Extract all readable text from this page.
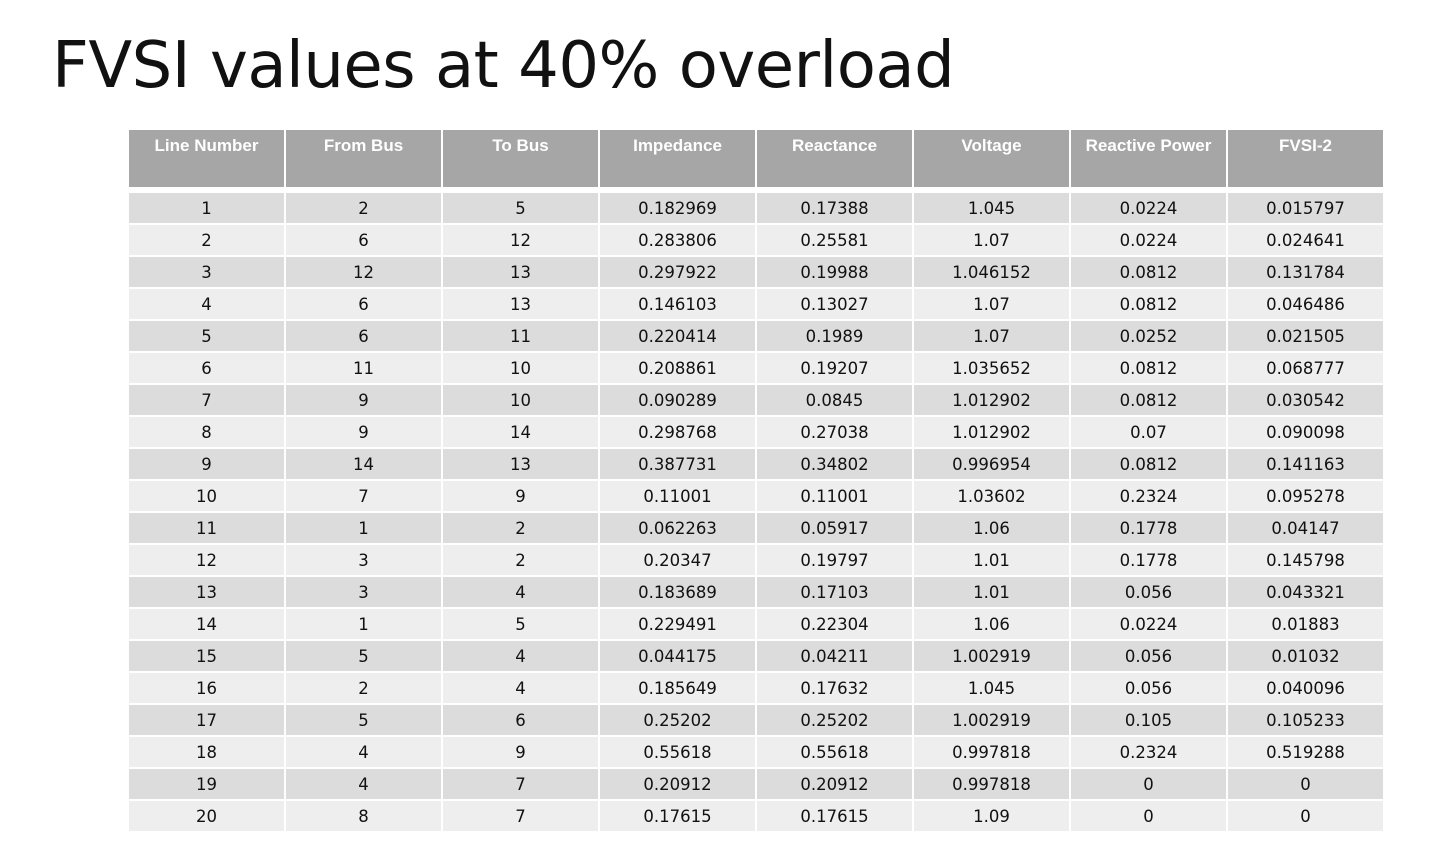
FVSI values at 40% overload
Line Number	From Bus	To Bus	Impedance	Reactance	Voltage	Reactive Power	FVSI-2

1	2	5	0.182969	0.17388	1.045	0.0224	0.015797
2	6	12	0.283806	0.25581	1.07	0.0224	0.024641
3	12	13	0.297922	0.19988	1.046152	0.0812	0.131784
4	6	13	0.146103	0.13027	1.07	0.0812	0.046486
5	6	11	0.220414	0.1989	1.07	0.0252	0.021505
6	11	10	0.208861	0.19207	1.035652	0.0812	0.068777
7	9	10	0.090289	0.0845	1.012902	0.0812	0.030542
8	9	14	0.298768	0.27038	1.012902	0.07	0.090098
9	14	13	0.387731	0.34802	0.996954	0.0812	0.141163
10	7	9	0.11001	0.11001	1.03602	0.2324	0.095278
11	1	2	0.062263	0.05917	1.06	0.1778	0.04147
12	3	2	0.20347	0.19797	1.01	0.1778	0.145798
13	3	4	0.183689	0.17103	1.01	0.056	0.043321
14	1	5	0.229491	0.22304	1.06	0.0224	0.01883
15	5	4	0.044175	0.04211	1.002919	0.056	0.01032
16	2	4	0.185649	0.17632	1.045	0.056	0.040096
17	5	6	0.25202	0.25202	1.002919	0.105	0.105233
18	4	9	0.55618	0.55618	0.997818	0.2324	0.519288
19	4	7	0.20912	0.20912	0.997818	0	0
20	8	7	0.17615	0.17615	1.09	0	0
